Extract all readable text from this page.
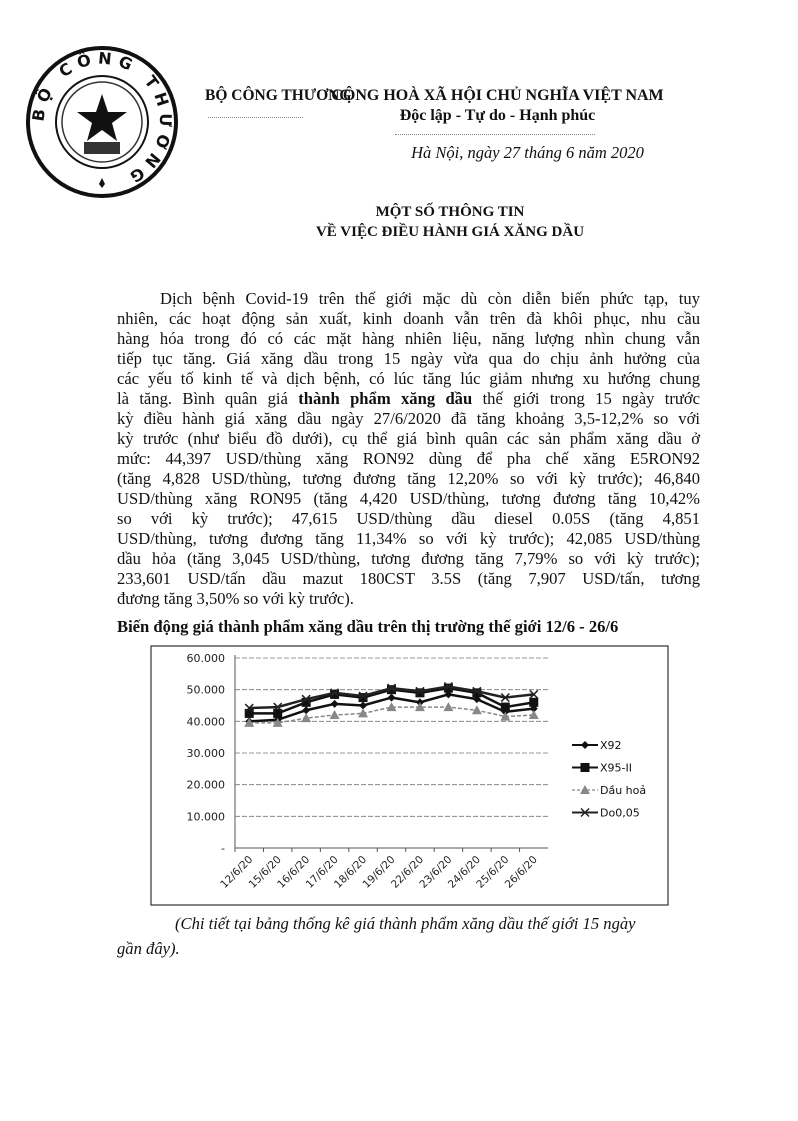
BỘ CÔNG THƯƠNG
BỘ CÔNG THƯƠNG
CỘNG HOÀ XÃ HỘI CHỦ NGHĨA VIỆT NAM
Độc lập - Tự do - Hạnh phúc
Hà Nội, ngày 27 tháng 6 năm 2020
MỘT SỐ THÔNG TIN
VỀ VIỆC ĐIỀU HÀNH GIÁ XĂNG DẦU
Dịch bệnh Covid-19 trên thế giới mặc dù còn diễn biến phức tạp, tuy
nhiên, các hoạt động sản xuất, kinh doanh vẫn trên đà khôi phục, nhu cầu
hàng hóa trong đó có các mặt hàng nhiên liệu, năng lượng nhìn chung vẫn
tiếp tục tăng. Giá xăng dầu trong 15 ngày vừa qua do chịu ảnh hưởng của
các yếu tố kinh tế và dịch bệnh, có lúc tăng lúc giảm nhưng xu hướng chung
là tăng. Bình quân giá thành phẩm xăng dầu thế giới trong 15 ngày trước
kỳ điều hành giá xăng dầu ngày 27/6/2020 đã tăng khoảng 3,5-12,2% so với
kỳ trước (như biểu đồ dưới), cụ thể giá bình quân các sản phẩm xăng dầu ở
mức: 44,397 USD/thùng xăng RON92 dùng để pha chế xăng E5RON92
(tăng 4,828 USD/thùng, tương đương tăng 12,20% so với kỳ trước); 46,840
USD/thùng xăng RON95 (tăng 4,420 USD/thùng, tương đương tăng 10,42%
so với kỳ trước); 47,615 USD/thùng dầu diesel 0.05S (tăng 4,851
USD/thùng, tương đương tăng 11,34% so với kỳ trước); 42,085 USD/thùng
dầu hỏa (tăng 3,045 USD/thùng, tương đương tăng 7,79% so với kỳ trước);
233,601 USD/tấn dầu mazut 180CST 3.5S (tăng 7,907 USD/tấn, tương
đương tăng 3,50% so với kỳ trước).
Biến động giá thành phẩm xăng dầu trên thị trường thế giới 12/6 - 26/6
-
10.000
20.000
30.000
40.000
50.000
60.000
12/6/20
15/6/20
16/6/20
17/6/20
18/6/20
19/6/20
22/6/20
23/6/20
24/6/20
25/6/20
26/6/20
X92
X95-II
Dầu hoả
Do0,05
(Chi tiết tại bảng thống kê giá thành phẩm xăng dầu thế giới 15 ngày
gần đây).
